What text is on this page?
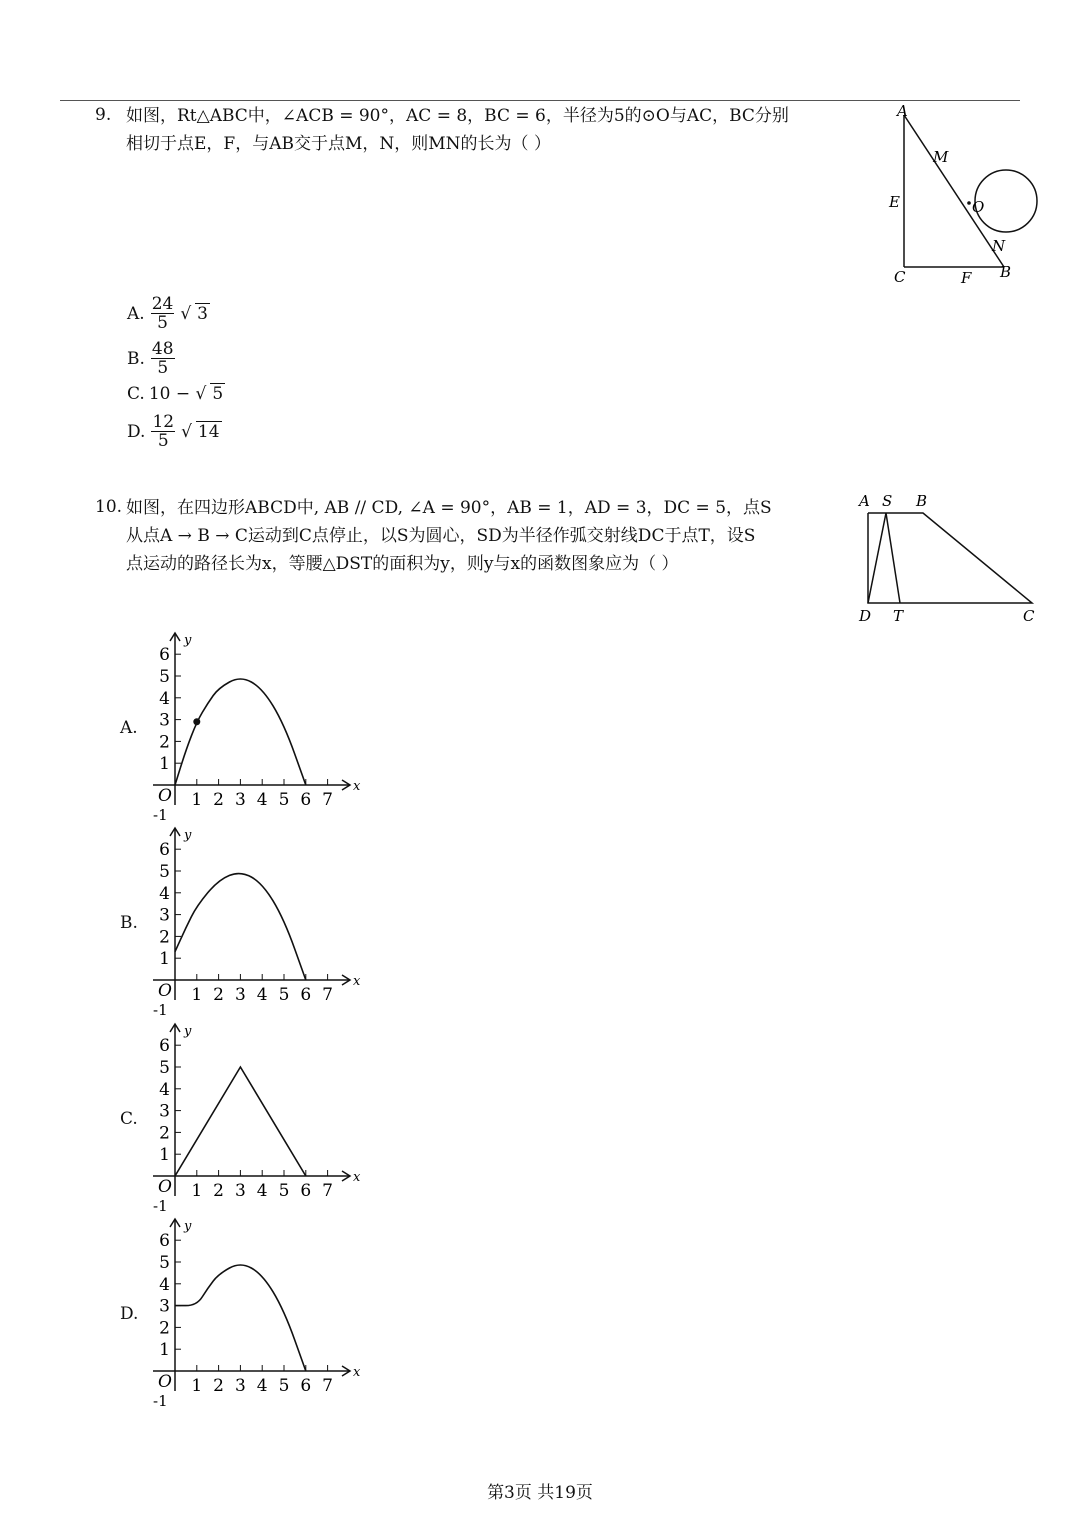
9. 如图，Rt△ABC中，∠ACB = 90°，AC = 8，BC = 6，半径为5的⊙O与AC，BC分别
相切于点E，F，与AB交于点M，N，则MN的长为（ ）
A
M
E	O
N
C	F B
A. $\frac{24}{5}$ √ 3
B. $\frac{48}{5}$
C. 10 − √ 5
D. $\frac{12}{5}$ √ 14
10. 如图，在四边形ABCD中, AB // CD, ∠A = 90°，AB = 1，AD = 3，DC = 5，点S
从点A → B → C运动到C点停止，以S为圆心，SD为半径作弧交射线DC于点T，设S
点运动的路径长为x，等腰△DST的面积为y，则y与x的函数图象应为（ ）
A S B
D T	C
A.
1 2 3 4 5 6 7
1
2
3
4
5
6
O
-1
x
y
B.
1 2 3 4 5 6 7
1
2
3
4
5
6
O
-1
x
y
C.
1 2 3 4 5 6 7
1
2
3
4
5
6
O
-1
x
y
D.
1 2 3 4 5 6 7
1
2
3
4
5
6
O
-1
x
y
第3页 共19页
